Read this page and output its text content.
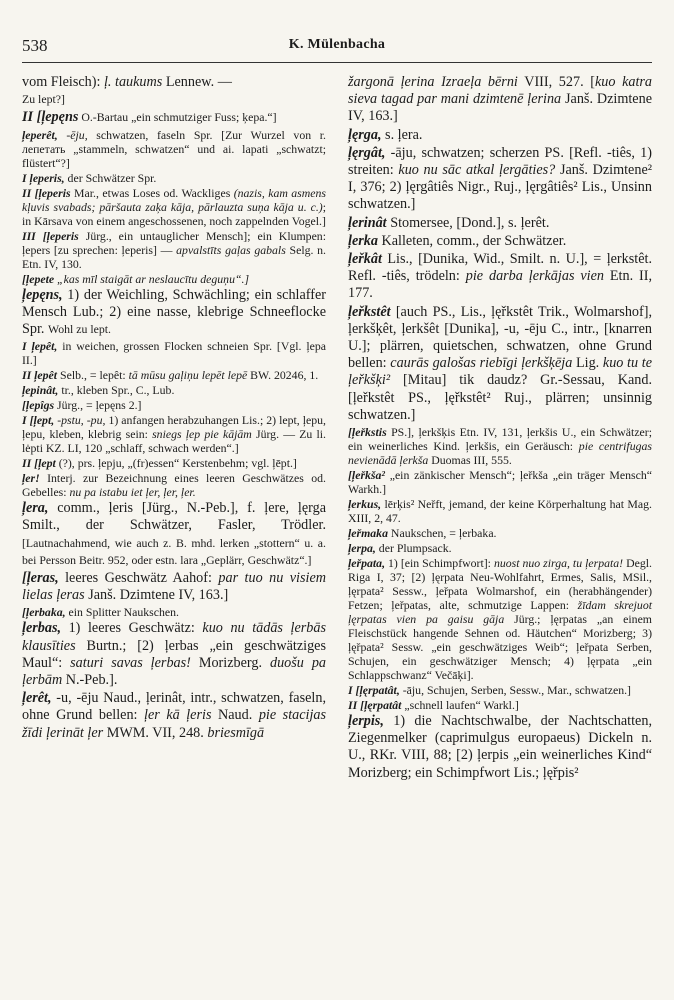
538	K. Mülenbacha

vom Fleisch): ļ. taukums Lennew. —
Zu lept?]

II [ļepęns O.-Bartau „ein schmutziger Fuss; ķepa.“]

ļeperêt, -ēju, schwatzen, faseln Spr. [Zur Wurzel von r. лепетать „stammeln, schwatzen“ und ai. lapati „schwatzt; flüstert“?]

I ļeperis, der Schwätzer Spr.

II [ļeperis Mar., etwas Loses od. Wackliges (nazis, kam asmens kļuvis svabads; pāršauta zaķa kāja, pārlauzta suņa kāja u. c.); in Kārsava von einem angeschossenen, noch zappelnden Vogel.]

III [ļeperis Jürg., ein untauglicher Mensch]; ein Klumpen: ļepers [zu sprechen: ļeperis] — apvalstīts gaļas gabals Selg. n. Etn. IV, 130.

[ļepete „kas mīl staigāt ar neslaucītu deguņu“.]

ļepęns, 1) der Weichling, Schwächling; ein schlaffer Mensch Lub.; 2) eine nasse, klebrige Schneeflocke Spr. Wohl zu lept.

I ļepêt, in weichen, grossen Flocken schneien Spr. [Vgl. ļepa II.]

II ļepêt Selb., = lepêt: tā mūsu gaļiņu lepēt lepē BW. 20246, 1.

ļepinât, tr., kleben Spr., C., Lub.

[ļepîgs Jürg., = ļepęns 2.]

I [ļept, -pstu, -pu, 1) anfangen herabzuhangen Lis.; 2) lept, ļepu, ļepu, kleben, klebrig sein: sniegs ļep pie kājām Jürg. — Zu li. lėpti KZ. LI, 120 „schlaff, schwach werden“.]

II [ļept (?), prs. ļepju, „(fr)essen“ Kerstenbehm; vgl. ļēpt.]

ļer! Interj. zur Bezeichnung eines leeren Geschwätzes od. Gebelles: nu pa istabu iet ļer, ļer, ļer.

ļera, comm., ļeris [Jürg., N.-Peb.], f. ļere, ļęrga Smilt., der Schwätzer, Fasler, Trödler. [Lautnachahmend, wie auch z. B. mhd. lerken „stottern“ u. a. bei Persson Beitr. 952, oder estn. lara „Geplärr, Geschwätz“.]

[ļeras, leeres Geschwätz Aahof: par tuo nu visiem lielas ļeras Janš. Dzimtene IV, 163.]

[ļerbaka, ein Splitter Naukschen.

ļerbas, 1) leeres Geschwätz: kuo nu tādās ļerbās klausīties Burtn.; [2) ļerbas „ein geschwätziges Maul“: saturi savas ļerbas! Morizberg. duošu pa ļerbām N.-Peb.].

ļerêt, -u, -ēju Naud., ļerinât, intr., schwatzen, faseln, ohne Grund bellen: ļer kā ļeris Naud. pie stacijas žīdi ļerināt ļer MWM. VII, 248. briesmīgā

žargonā ļerina Izraeļa bērni VIII, 527. [kuo katra sieva tagad par mani dzimtenē ļerina Janš. Dzimtene IV, 163.]

ļęrga, s. ļera.

ļęrgât, -āju, schwatzen; scherzen PS. [Refl. -tiês, 1) streiten: kuo nu sāc atkal ļergāties? Janš. Dzimtene² I, 376; 2) ļęrgâtiês Nigr., Ruj., ļęrgâtiês² Lis., Unsinn schwatzen.]

ļerinât Stomersee, [Dond.], s. ļerêt.

ļerka Kalleten, comm., der Schwätzer.

ļeřkât Lis., [Dunika, Wid., Smilt. n. U.], = ļerkstêt. Refl. -tiês, trödeln: pie darba ļerkājas vien Etn. II, 177.

ļeřkstêt [auch PS., Lis., ļęřkstêt Trik., Wolmarshof], ļerkšķêt, ļerkšêt [Dunika], -u, -ēju C., intr., [knarren U.]; plärren, quietschen, schwatzen, ohne Grund bellen: caurās galošas riebīgi ļerkšķēja Lig. kuo tu te ļeřkšķi² [Mitau] tik daudz? Gr.-Sessau, Kand. [ļeřkstêt PS., ļęřkstêt² Ruj., plärren; unsinnig schwatzen.]

[ļeřkstis PS.], ļerkšķis Etn. IV, 131, ļerkšis U., ein Schwätzer; ein weinerliches Kind. ļerkšis, ein Geräusch: pie centrifugas nevienādā ļerkša Duomas III, 555.

[ļeřkša² „ein zänkischer Mensch“; ļeřkša „ein träger Mensch“ Warkh.]

ļerkus, lērķis² Neřft, jemand, der keine Körperhaltung hat Mag. XIII, 2, 47.

ļeřmaka Naukschen, = ļerbaka.

ļerpa, der Plumpsack.

ļeřpata, 1) [ein Schimpfwort]: nuost nuo zirga, tu ļerpata! Degl. Riga I, 37; [2) ļęrpata Neu-Wohlfahrt, Ermes, Salis, MSil., ļęrpata² Sessw., ļeřpata Wolmarshof, ein (herabhängender) Fetzen; ļeřpatas, alte, schmutzige Lappen: žīdam skrejuot ļęrpatas vien pa gaisu gāja Jürg.; ļęrpatas „an einem Fleischstück hangende Sehnen od. Häutchen“ Morizberg; 3) ļęřpata² Sessw. „ein geschwätziges Weib“; ļeřpata Serben, Schujen, ein geschwätziger Mensch; 4) ļęrpata „ein Schlappschwanz“ Večāķi].

I [ļęrpatât, -āju, Schujen, Serben, Sessw., Mar., schwatzen.]

II [ļęrpatât „schnell laufen“ Warkl.]

ļerpis, 1) die Nachtschwalbe, der Nachtschatten, Ziegenmelker (caprimulgus europaeus) Dickeln n. U., RKr. VIII, 88; [2) ļerpis „ein weinerliches Kind“ Morizberg; ein Schimpfwort Lis.; ļęřpis²
